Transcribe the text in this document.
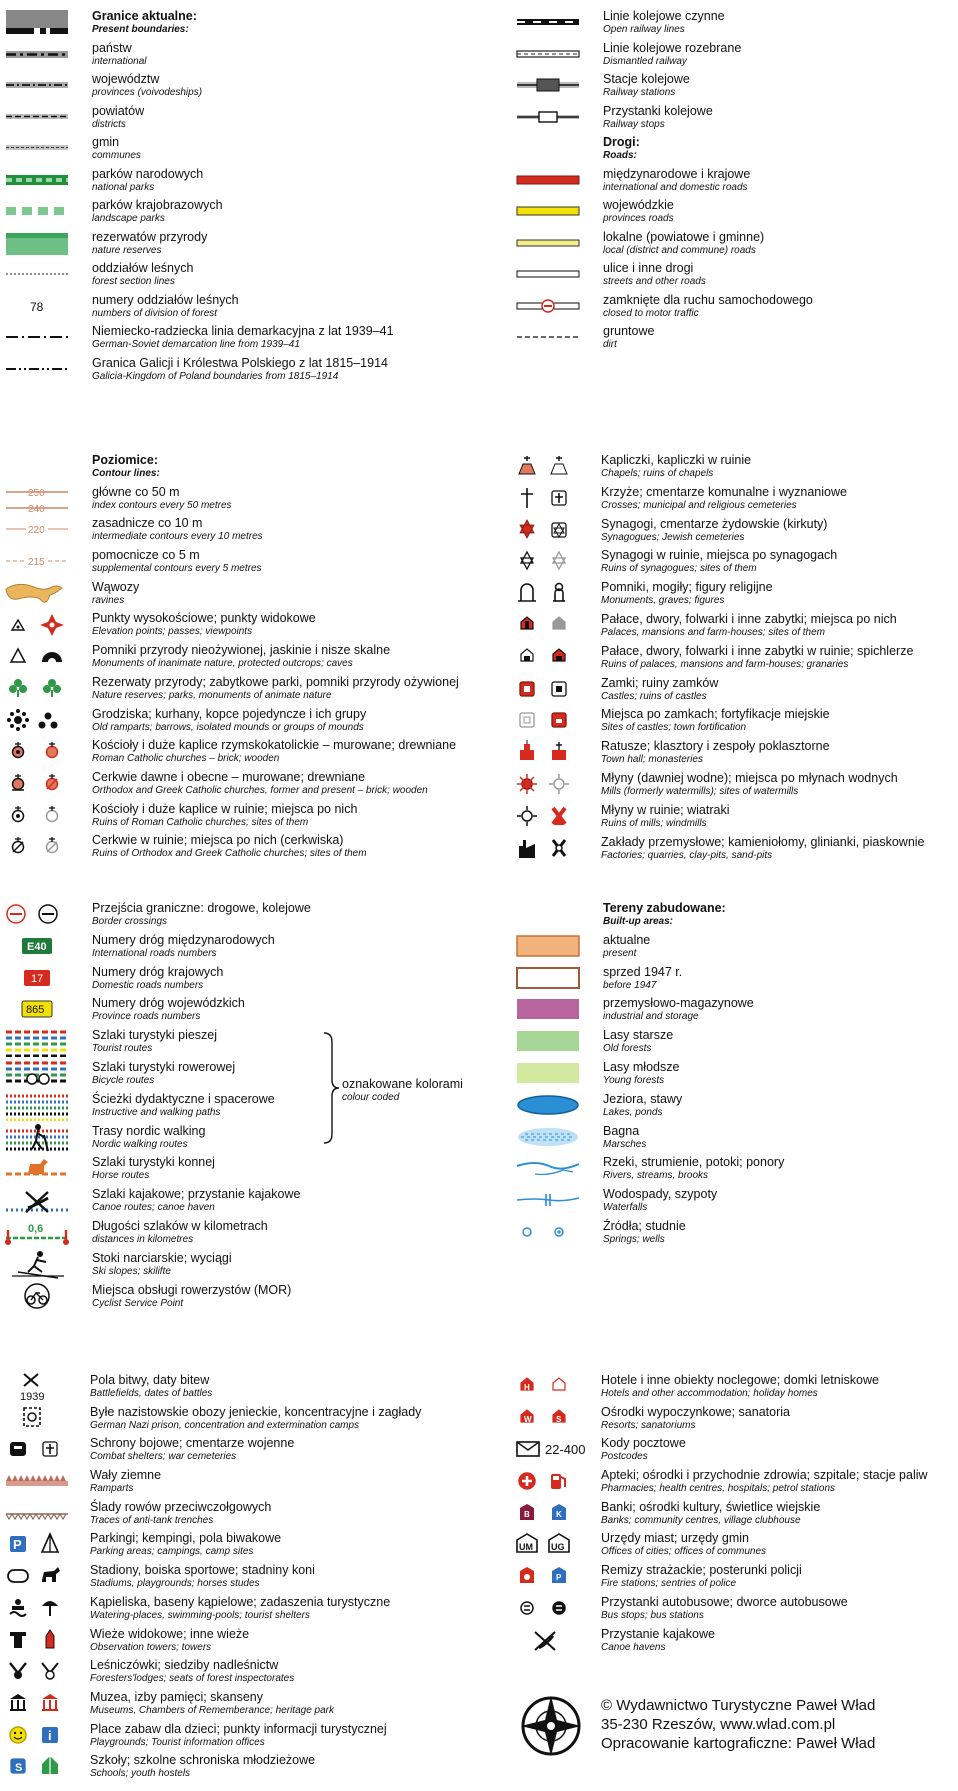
Granice aktualne:
Present boundaries:
państw
international
województw
provinces (voivodeships)
powiatów
districts
gmin
communes
parków narodowych
national parks
parków krajobrazowych
landscape parks
rezerwatów przyrody
nature reserves
oddziałów leśnych
forest section lines
78	numery oddziałów leśnych
numbers of division of forest
Niemiecko-radziecka linia demarkacyjna z lat 1939–41
German-Soviet demarcation line from 1939–41
Granica Galicji i Królestwa Polskiego z lat 1815–1914
Galicia-Kingdom of Poland boundaries from 1815–1914
Linie kolejowe czynne
Open railway lines
Linie kolejowe rozebrane
Dismantled railway
Stacje kolejowe
Railway stations
Przystanki kolejowe
Railway stops
Drogi:
Roads:
międzynarodowe i krajowe
international and domestic roads
wojewódzkie
provinces roads
lokalne (powiatowe i gminne)
local (district and commune) roads
ulice i inne drogi
streets and other roads
zamknięte dla ruchu samochodowego
closed to motor traffic
gruntowe
dirt
Poziomice:
Contour lines:
250
240
główne co 50 m
index contours every 50 metres
220
zasadnicze co 10 m
intermediate contours every 10 metres
215
pomocnicze co 5 m
supplemental contours every 5 metres
Wąwozy
ravines
Punkty wysokościowe; punkty widokowe
Elevation points; passes; viewpoints
Pomniki przyrody nieożywionej, jaskinie i nisze skalne
Monuments of inanimate nature, protected outcrops; caves
Rezerwaty przyrody; zabytkowe parki, pomniki przyrody ożywionej
Nature reserves; parks, monuments of animate nature
Grodziska; kurhany, kopce pojedyncze i ich grupy
Old ramparts; barrows, isolated mounds or groups of mounds
Kościoły i duże kaplice rzymskokatolickie – murowane; drewniane
Roman Catholic churches – brick; wooden
Cerkwie dawne i obecne – murowane; drewniane
Orthodox and Greek Catholic churches, former and present – brick; wooden
Kościoły i duże kaplice w ruinie; miejsca po nich
Ruins of Roman Catholic churches; sites of them
Cerkwie w ruinie; miejsca po nich (cerkwiska)
Ruins of Orthodox and Greek Catholic churches; sites of them
Kapliczki, kapliczki w ruinie
Chapels; ruins of chapels
Krzyże; cmentarze komunalne i wyznaniowe
Crosses; municipal and religious cemeteries
Synagogi, cmentarze żydowskie (kirkuty)
Synagogues; Jewish cemeteries
Synagogi w ruinie, miejsca po synagogach
Ruins of synagogues; sites of them
Pomniki, mogiły; figury religijne
Monuments, graves; figures
Pałace, dwory, folwarki i inne zabytki; miejsca po nich
Palaces, mansions and farm-houses; sites of them
Pałace, dwory, folwarki i inne zabytki w ruinie; spichlerze
Ruins of palaces, mansions and farm-houses; granaries
Zamki; ruiny zamków
Castles; ruins of castles
Miejsca po zamkach; fortyfikacje miejskie
Sites of castles; town fortification
Ratusze; klasztory i zespoły poklasztorne
Town hall; monasteries
Młyny (dawniej wodne); miejsca po młynach wodnych
Mills (formerly watermills); sites of watermills
Młyny w ruinie; wiatraki
Ruins of mills; windmills
Zakłady przemysłowe; kamieniołomy, glinianki, piaskownie
Factories; quarries, clay-pits, sand-pits
Przejścia graniczne: drogowe, kolejowe
Border crossings
E40	Numery dróg międzynarodowych
International roads numbers
17	Numery dróg krajowych
Domestic roads numbers
865	Numery dróg wojewódzkich
Province roads numbers
Szlaki turystyki pieszej
Tourist routes
Szlaki turystyki rowerowej
Bicycle routes
Ścieżki dydaktyczne i spacerowe
Instructive and walking paths
Trasy nordic walking
Nordic walking routes
Szlaki turystyki konnej
Horse routes
Szlaki kajakowe; przystanie kajakowe
Canoe routes; canoe haven
0,6	Długości szlaków w kilometrach
distances in kilometres
Stoki narciarskie; wyciągi
Ski slopes; skilifte
Miejsca obsługi rowerzystów (MOR)
Cyclist Service Point
Tereny zabudowane:
Built-up areas:
aktualne
present
sprzed 1947 r.
before 1947
przemysłowo-magazynowe
industrial and storage
Lasy starsze
Old forests
Lasy młodsze
Young forests
Jeziora, stawy
Lakes, ponds
Bagna
Marsches
Rzeki, strumienie, potoki; ponory
Rivers, streams, brooks
Wodospady, szypoty
Waterfalls
Źródła; studnie
Springs; wells
1939
Pola bitwy, daty bitew
Battlefields, dates of battles
Byłe nazistowskie obozy jenieckie, koncentracyjne i zagłady
German Nazi prison, concentration and extermination camps
Schrony bojowe; cmentarze wojenne
Combat shelters; war cemeteries
Wały ziemne
Ramparts
Ślady rowów przeciwczołgowych
Traces of anti-tank trenches
P	Parkingi; kempingi, pola biwakowe
Parking areas; campings, camp sites
Stadiony, boiska sportowe; stadniny koni
Stadiums, playgrounds; horses studes
Kąpieliska, baseny kąpielowe; zadaszenia turystyczne
Watering-places, swimming-pools; tourist shelters
Wieże widokowe; inne wieże
Observation towers; towers
Leśniczówki; siedziby nadleśnictw
Foresters'lodges; seats of forest inspectorates
Muzea, izby pamięci; skanseny
Museums, Chambers of Rememberance; heritage park
i	Place zabaw dla dzieci; punkty informacji turystycznej
Playgrounds; Tourist information offices
S
Szkoły; szkolne schroniska młodzieżowe
Schools; youth hostels
H
Hotele i inne obiekty noclegowe; domki letniskowe
Hotels and other accommodation; holiday homes
W	S
Ośrodki wypoczynkowe; sanatoria
Resorts; sanatoriums
22-400 Kody pocztowe
Postcodes
Apteki; ośrodki i przychodnie zdrowia; szpitale; stacje paliw
Pharmacies; health centres, hospitals; petrol stations
B	K
Banki; ośrodki kultury, świetlice wiejskie
Banks; community centres, village clubhouse
UM UG
Urzędy miast; urzędy gmin
Offices of cities; offices of communes
P
Remizy strażackie; posterunki policji
Fire stations; sentries of police
Przystanki autobusowe; dworce autobusowe
Bus stops; bus stations
Przystanie kajakowe
Canoe havens
oznakowane kolorami
colour coded
© Wydawnictwo Turystyczne Paweł Wład
35-230 Rzeszów, www.wlad.com.pl
Opracowanie kartograficzne: Paweł Wład
